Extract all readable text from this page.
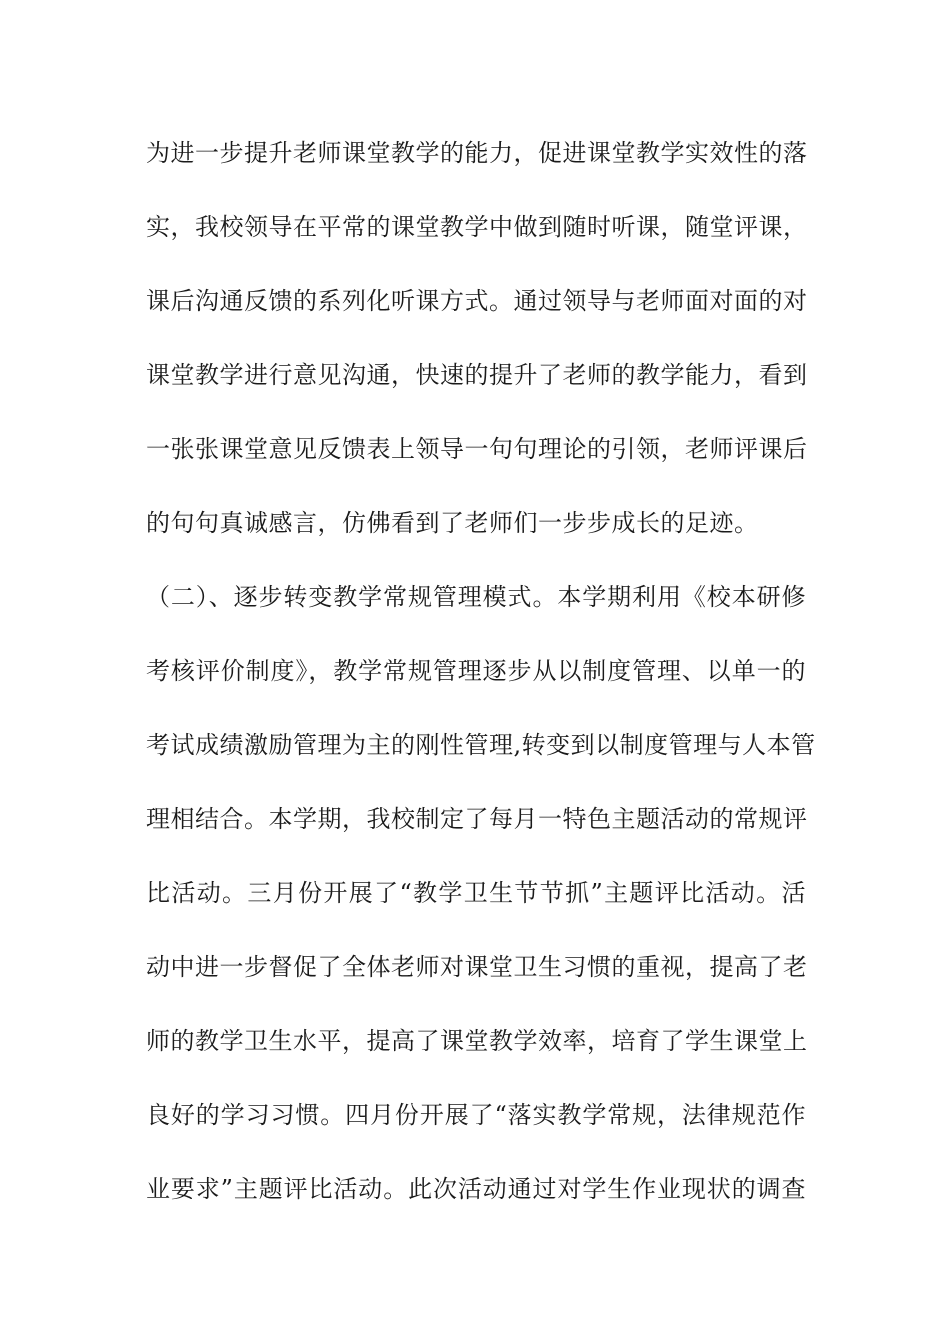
为进一步提升老师课堂教学的能力，促进课堂教学实效性的落
实，我校领导在平常的课堂教学中做到随时听课，随堂评课，
课后沟通反馈的系列化听课方式。通过领导与老师面对面的对
课堂教学进行意见沟通，快速的提升了老师的教学能力，看到
一张张课堂意见反馈表上领导一句句理论的引领，老师评课后
的句句真诚感言，仿佛看到了老师们一步步成长的足迹。
（二）、逐步转变教学常规管理模式。本学期利用《校本研修
考核评价制度》，教学常规管理逐步从以制度管理、以单一的
考试成绩激励管理为主的刚性管理,转变到以制度管理与人本管
理相结合。本学期，我校制定了每月一特色主题活动的常规评
比活动。三月份开展了“教学卫生节节抓”主题评比活动。活
动中进一步督促了全体老师对课堂卫生习惯的重视，提高了老
师的教学卫生水平，提高了课堂教学效率，培育了学生课堂上
良好的学习习惯。四月份开展了“落实教学常规，法律规范作
业要求”主题评比活动。此次活动通过对学生作业现状的调查
